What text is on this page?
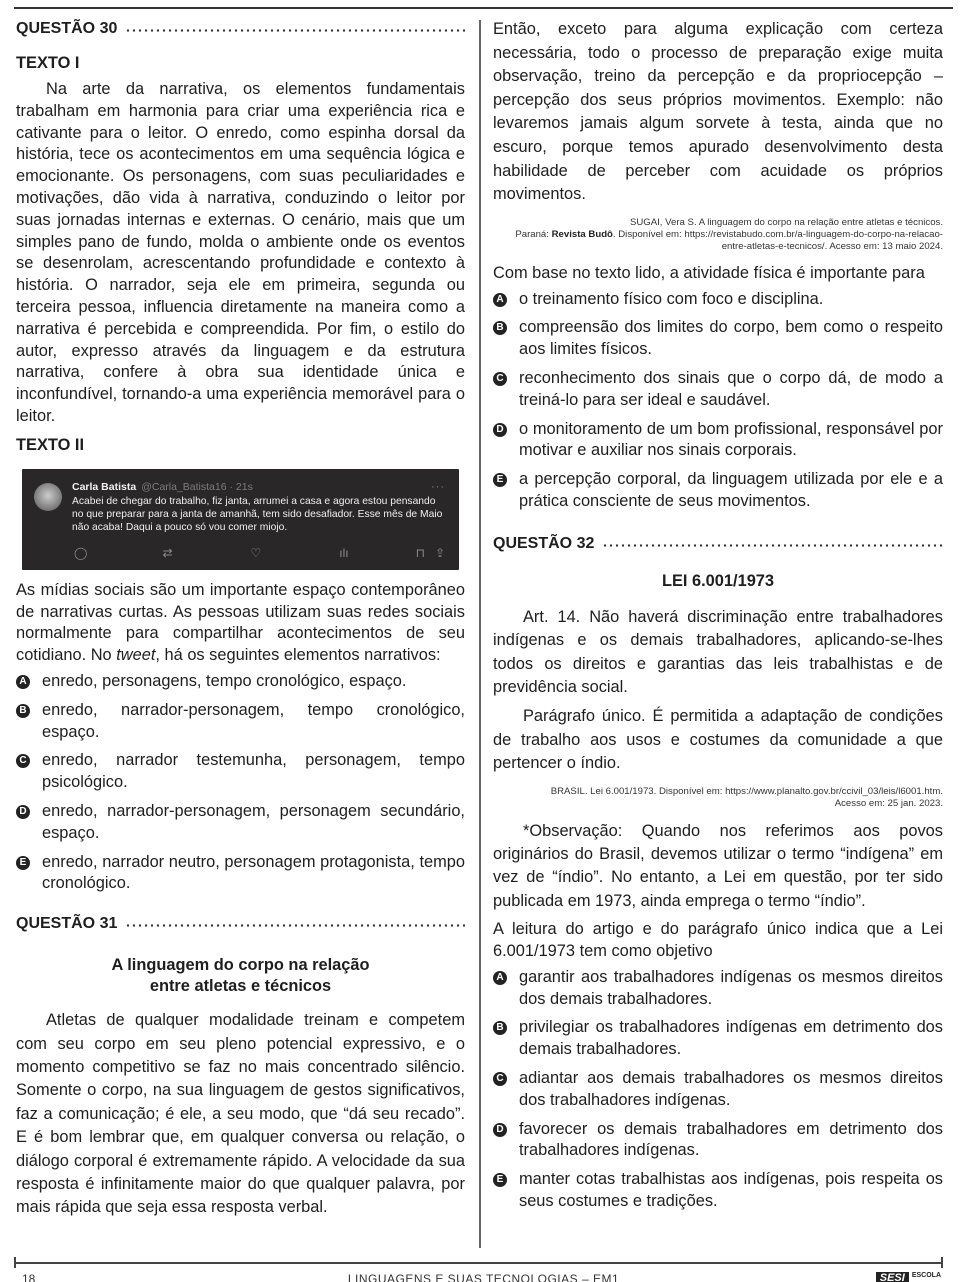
QUESTÃO 30
TEXTO I

Na arte da narrativa, os elementos fundamentais trabalham em harmonia para criar uma experiência rica e cativante para o leitor. O enredo, como espinha dorsal da história, tece os acontecimentos em uma sequência lógica e emocionante. Os personagens, com suas peculiaridades e motivações, dão vida à narrativa, conduzindo o leitor por suas jornadas internas e externas. O cenário, mais que um simples pano de fundo, molda o ambiente onde os eventos se desenrolam, acrescentando profundidade e contexto à história. O narrador, seja ele em primeira, segunda ou terceira pessoa, influencia diretamente na maneira como a narrativa é percebida e compreendida. Por fim, o estilo do autor, expresso através da linguagem e da estrutura narrativa, confere à obra sua identidade única e inconfundível, tornando-a uma experiência memorável para o leitor.

TEXTO II
Carla Batista @Carla_Batista16 · 21s	···
Acabei de chegar do trabalho, fiz janta, arrumei a casa e agora estou pensando no que preparar para a janta de amanhã, tem sido desafiador. Esse mês de Maio não acaba! Daqui a pouco só vou comer miojo.
◯	⇄	♡	ılı	⊓ ⇪

As mídias sociais são um importante espaço contemporâneo de narrativas curtas. As pessoas utilizam suas redes sociais normalmente para compartilhar acontecimentos de seu cotidiano. No tweet, há os seguintes elementos narrativos:

A enredo, personagens, tempo cronológico, espaço.
B enredo, narrador-personagem, tempo cronológico, espaço.
C enredo, narrador testemunha, personagem, tempo psicológico.
D enredo, narrador-personagem, personagem secundário, espaço.
E enredo, narrador neutro, personagem protagonista, tempo cronológico.
QUESTÃO 31
A linguagem do corpo na relação
entre atletas e técnicos

Atletas de qualquer modalidade treinam e competem com seu corpo em seu pleno potencial expressivo, e o momento competitivo se faz no mais concentrado silêncio. Somente o corpo, na sua linguagem de gestos significativos, faz a comunicação; é ele, a seu modo, que “dá seu recado”. E é bom lembrar que, em qualquer conversa ou relação, o diálogo corporal é extremamente rápido. A velocidade da sua resposta é infinitamente maior do que qualquer palavra, por mais rápida que seja essa resposta verbal.

Então, exceto para alguma explicação com certeza necessária, todo o processo de preparação exige muita observação, treino da percepção e da propriocepção – percepção dos seus próprios movimentos. Exemplo: não levaremos jamais algum sorvete à testa, ainda que no escuro, porque temos apurado desenvolvimento desta habilidade de perceber com acuidade os próprios movimentos.

SUGAI, Vera S. A linguagem do corpo na relação entre atletas e técnicos.
Paraná: Revista Budô. Disponível em: https://revistabudo.com.br/a-linguagem-do-corpo-na-relacao-entre-atletas-e-tecnicos/. Acesso em: 13 maio 2024.

Com base no texto lido, a atividade física é importante para

A o treinamento físico com foco e disciplina.
B compreensão dos limites do corpo, bem como o respeito aos limites físicos.
C reconhecimento dos sinais que o corpo dá, de modo a treiná-lo para ser ideal e saudável.
D o monitoramento de um bom profissional, responsável por motivar e auxiliar nos sinais corporais.
E a percepção corporal, da linguagem utilizada por ele e a prática consciente de seus movimentos.
QUESTÃO 32
LEI 6.001/1973

Art. 14. Não haverá discriminação entre trabalhadores indígenas e os demais trabalhadores, aplicando-se-lhes todos os direitos e garantias das leis trabalhistas e de previdência social.

Parágrafo único. É permitida a adaptação de condições de trabalho aos usos e costumes da comunidade a que pertencer o índio.

BRASIL. Lei 6.001/1973. Disponível em: https://www.planalto.gov.br/ccivil_03/leis/l6001.htm. Acesso em: 25 jan. 2023.

*Observação: Quando nos referimos aos povos originários do Brasil, devemos utilizar o termo “indígena” em vez de “índio”. No entanto, a Lei em questão, por ter sido publicada em 1973, ainda emprega o termo “índio”.

A leitura do artigo e do parágrafo único indica que a Lei 6.001/1973 tem como objetivo

A garantir aos trabalhadores indígenas os mesmos direitos dos demais trabalhadores.
B privilegiar os trabalhadores indígenas em detrimento dos demais trabalhadores.
C adiantar aos demais trabalhadores os mesmos direitos dos trabalhadores indígenas.
D favorecer os demais trabalhadores em detrimento dos trabalhadores indígenas.
E manter cotas trabalhistas aos indígenas, pois respeita os seus costumes e tradições.
18	LINGUAGENS E SUAS TECNOLOGIAS – EM1	SESI	ESCOLA
